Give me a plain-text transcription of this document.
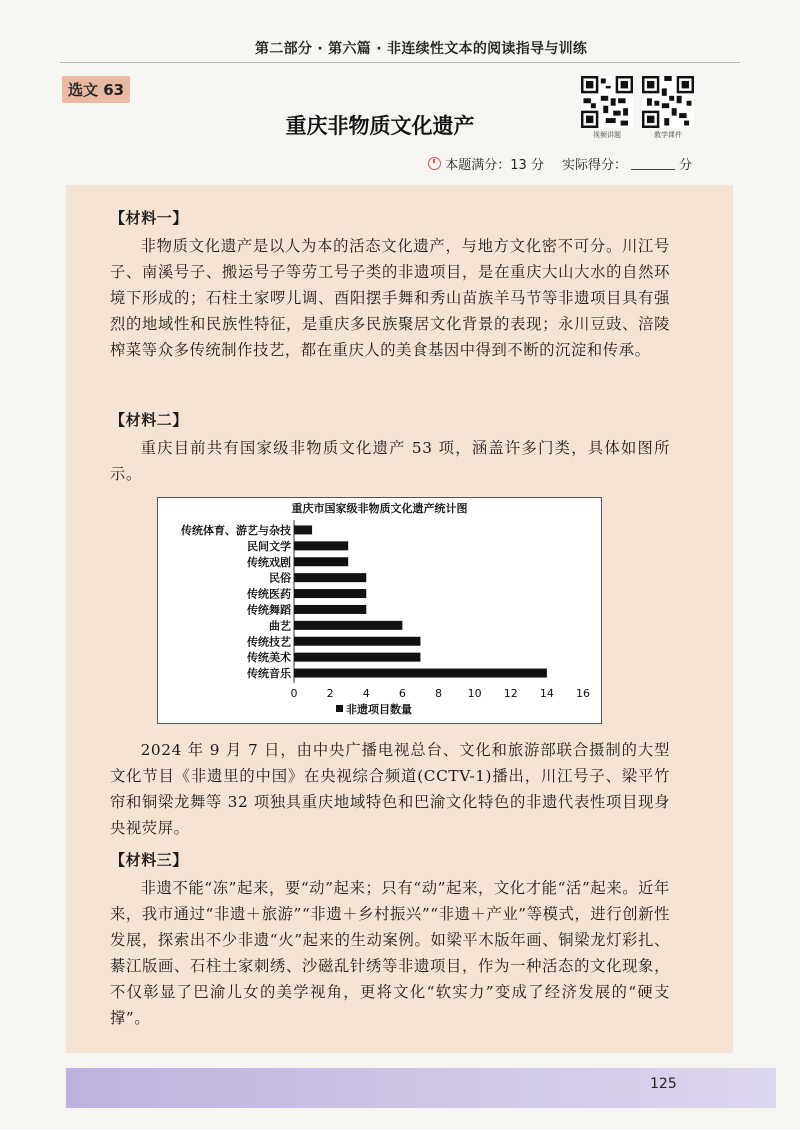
第二部分 · 第六篇 · 非连续性文本的阅读指导与训练
选文 63
视频讲题	教学课件
重庆非物质文化遗产
本题满分：13 分 实际得分：	分
【材料一】

非物质文化遗产是以人为本的活态文化遗产，与地方文化密不可分。川江号子、南溪号子、搬运号子等劳工号子类的非遗项目，是在重庆大山大水的自然环境下形成的；石柱土家啰儿调、酉阳摆手舞和秀山苗族羊马节等非遗项目具有强烈的地域性和民族性特征，是重庆多民族聚居文化背景的表现；永川豆豉、涪陵榨菜等众多传统制作技艺，都在重庆人的美食基因中得到不断的沉淀和传承。

【材料二】

重庆目前共有国家级非物质文化遗产 53 项，涵盖许多门类，具体如图所示。

重庆市国家级非物质文化遗产统计图
传统体育、游艺与杂技
民间文学
传统戏剧
民俗
传统医药
传统舞蹈
曲艺
传统技艺
传统美术
传统音乐
0	2	4	6	8 10 12 14 16
非遗项目数量

2024 年 9 月 7 日，由中央广播电视总台、文化和旅游部联合摄制的大型文化节目《非遗里的中国》在央视综合频道(CCTV-1)播出，川江号子、梁平竹帘和铜梁龙舞等 32 项独具重庆地域特色和巴渝文化特色的非遗代表性项目现身央视荧屏。

【材料三】

非遗不能“冻”起来，要“动”起来；只有“动”起来，文化才能“活”起来。近年来，我市通过“非遗＋旅游”“非遗＋乡村振兴”“非遗＋产业”等模式，进行创新性发展，探索出不少非遗“火”起来的生动案例。如梁平木版年画、铜梁龙灯彩扎、綦江版画、石柱土家刺绣、沙磁乱针绣等非遗项目，作为一种活态的文化现象，不仅彰显了巴渝儿女的美学视角，更将文化“软实力”变成了经济发展的“硬支撑”。

125
